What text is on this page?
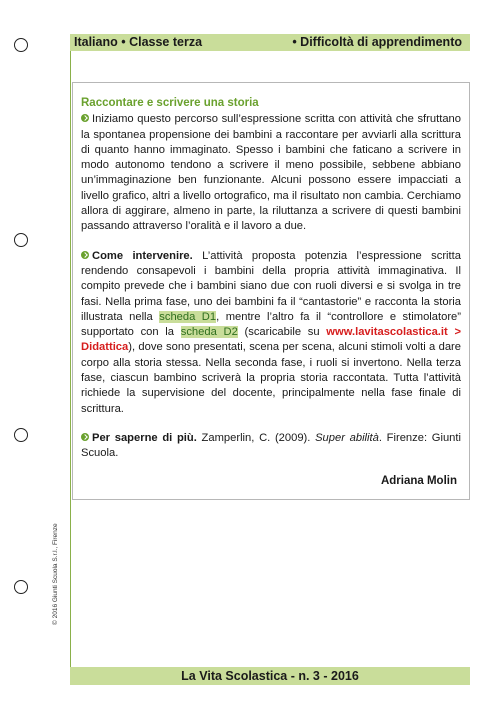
Italiano • Classe terza	• Difficoltà di apprendimento
Raccontare e scrivere una storia

Iniziamo questo percorso sull’espressione scritta con attività che sfruttano la spontanea propensione dei bambini a raccontare per avviarli alla scrittura di quanto hanno immaginato. Spesso i bambini che faticano a scrivere in modo autonomo tendono a scrivere il meno possibile, sebbene abbiano un’immaginazione ben funzionante. Alcuni possono essere impacciati a livello grafico, altri a livello ortografico, ma il risultato non cambia. Cerchiamo allora di aggirare, almeno in parte, la riluttanza a scrivere di questi bambini passando attraverso l’oralità e il lavoro a due.

Come intervenire. L’attività proposta potenzia l’espressione scritta rendendo consapevoli i bambini della propria attività immaginativa. Il compito prevede che i bambini siano due con ruoli diversi e si svolga in tre fasi. Nella prima fase, uno dei bambini fa il “cantastorie” e racconta la storia illustrata nella scheda D1, mentre l’altro fa il “controllore e stimolatore” supportato con la scheda D2 (scaricabile su www.lavitascolastica.it > Didattica), dove sono presentati, scena per scena, alcuni stimoli volti a dare corpo alla storia stessa. Nella seconda fase, i ruoli si invertono. Nella terza fase, ciascun bambino scriverà la propria storia raccontata. Tutta l’attività richiede la supervisione del docente, principalmente nella fase finale di scrittura.

Per saperne di più. Zamperlin, C. (2009). Super abilità. Firenze: Giunti Scuola.

Adriana Molin
© 2016 Giunti Scuola S.r.l., Firenze
La Vita Scolastica - n. 3 - 2016
